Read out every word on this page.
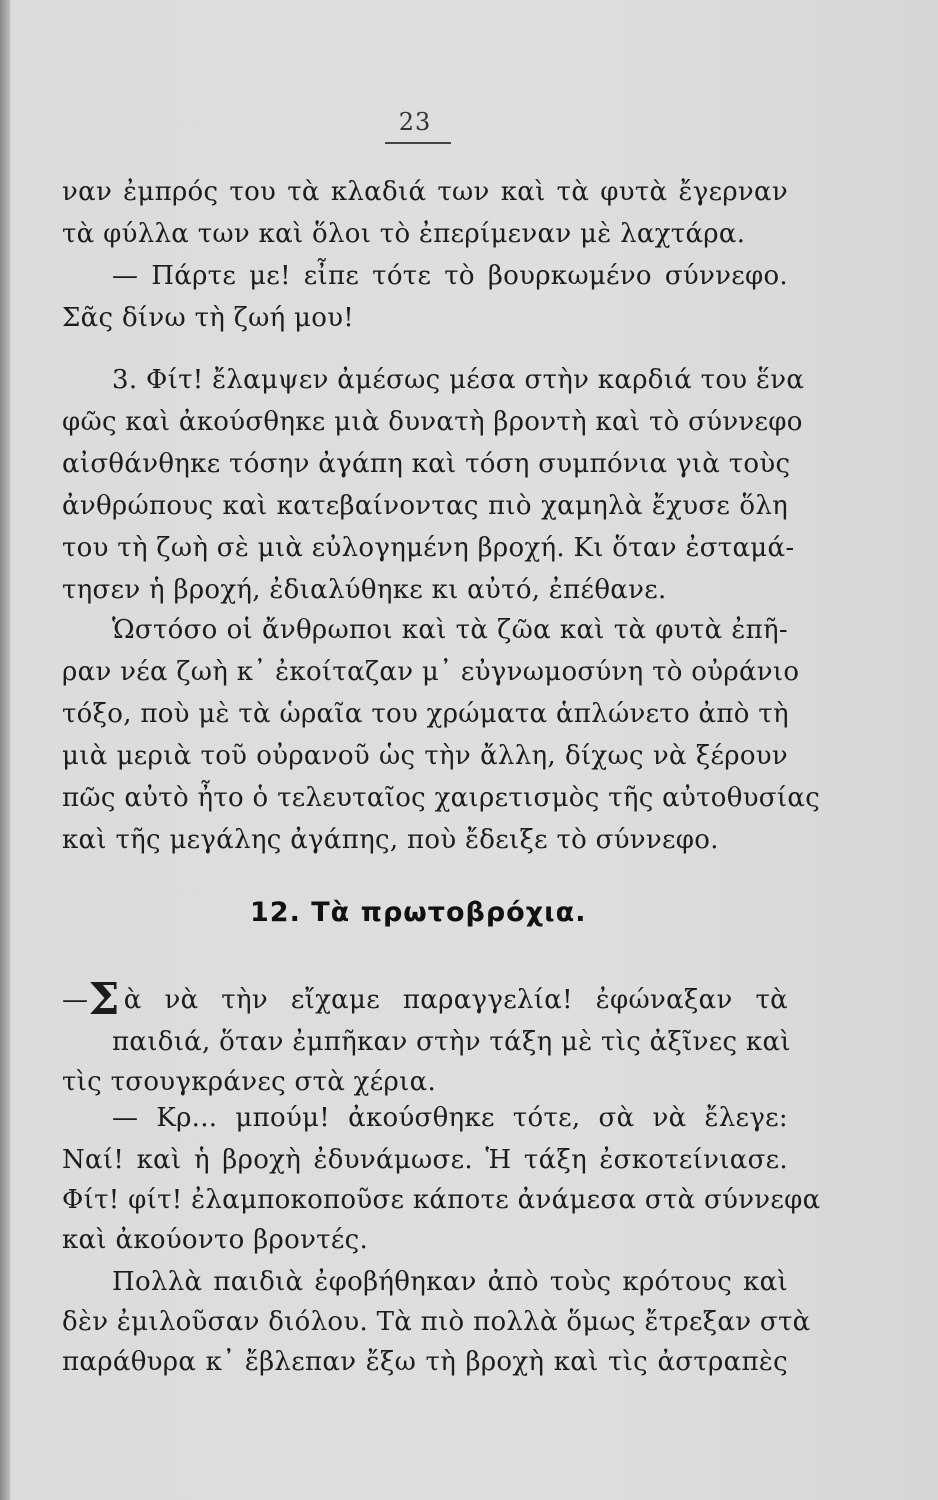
23
ναν ἐμπρός του τὰ κλαδιά των καὶ τὰ φυτὰ ἔγερναν
τὰ φύλλα των καὶ ὅλοι τὸ ἐπερίμεναν μὲ λαχτάρα.
— Πάρτε με! εἶπε τότε τὸ βουρκωμένο σύννεφο.
Σᾶς δίνω τὴ ζωή μου!
3. Φίτ! ἔλαμψεν ἀμέσως μέσα στὴν καρδιά του ἕνα
φῶς καὶ ἀκούσθηκε μιὰ δυνατὴ βροντὴ καὶ τὸ σύννεφο
αἰσθάνθηκε τόσην ἀγάπη καὶ τόση συμπόνια γιὰ τοὺς
ἀνθρώπους καὶ κατεβαίνοντας πιὸ χαμηλὰ ἔχυσε ὅλη
του τὴ ζωὴ σὲ μιὰ εὐλογημένη βροχή. Κι ὅταν ἐσταμά-
τησεν ἡ βροχή, ἐδιαλύθηκε κι αὐτό, ἐπέθανε.
Ὡστόσο οἱ ἄνθρωποι καὶ τὰ ζῶα καὶ τὰ φυτὰ ἐπῆ-
ραν νέα ζωὴ κ᾽ ἐκοίταζαν μ᾽ εὐγνωμοσύνη τὸ οὐράνιο
τόξο, ποὺ μὲ τὰ ὡραῖα του χρώματα ἁπλώνετο ἀπὸ τὴ
μιὰ μεριὰ τοῦ οὐρανοῦ ὡς τὴν ἄλλη, δίχως νὰ ξέρουν
πῶς αὐτὸ ἦτο ὁ τελευταῖος χαιρετισμὸς τῆς αὐτοθυσίας
καὶ τῆς μεγάλης ἀγάπης, ποὺ ἔδειξε τὸ σύννεφο.
12. Τὰ πρωτοβρόχια.
—Σ ὰ νὰ τὴν εἴχαμε παραγγελία! ἐφώναξαν τὰ
παιδιά, ὅταν ἐμπῆκαν στὴν τάξη μὲ τὶς ἀξῖνες καὶ
τὶς τσουγκράνες στὰ χέρια.
— Κρ... μπούμ! ἀκούσθηκε τότε, σὰ νὰ ἔλεγε:
Ναί! καὶ ἡ βροχὴ ἐδυνάμωσε. Ἡ τάξη ἐσκοτείνιασε.
Φίτ! φίτ! ἐλαμποκοποῦσε κάποτε ἀνάμεσα στὰ σύννεφα
καὶ ἀκούοντο βροντές.
Πολλὰ παιδιὰ ἐφοβήθηκαν ἀπὸ τοὺς κρότους καὶ
δὲν ἐμιλοῦσαν διόλου. Τὰ πιὸ πολλὰ ὅμως ἔτρεξαν στὰ
παράθυρα κ᾽ ἔβλεπαν ἔξω τὴ βροχὴ καὶ τὶς ἀστραπὲς
